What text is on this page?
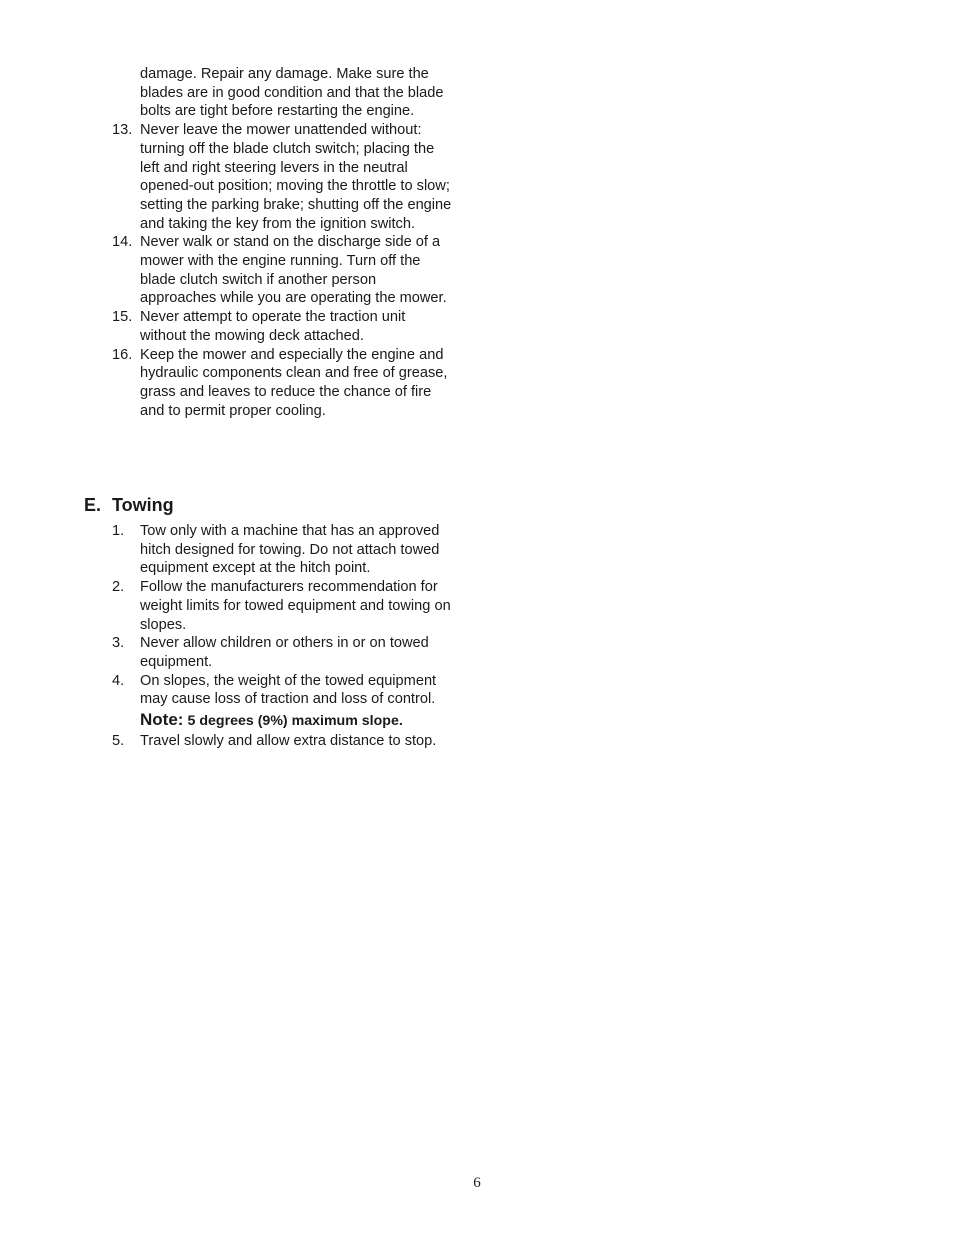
damage. Repair any damage. Make sure the blades are in good condition and that the blade bolts are tight before restarting the engine.
13. Never leave the mower unattended without: turning off the blade clutch switch; placing the left and right steering levers in the neutral opened-out position; moving the throttle to slow; setting the parking brake; shutting off the engine and taking the key from the ignition switch.
14. Never walk or stand on the discharge side of a mower with the engine running. Turn off the blade clutch switch if another person approaches while you are operating the mower.
15. Never attempt to operate the traction unit without the mowing deck attached.
16. Keep the mower and especially the engine and hydraulic components clean and free of grease, grass and leaves to reduce the chance of fire and to permit proper cooling.
E. Towing
1.	Tow only with a machine that has an approved hitch designed for towing. Do not attach towed equipment except at the hitch point.
2.	Follow the manufacturers recommendation for weight limits for towed equipment and towing on slopes.
3.	Never allow children or others in or on towed equipment.
4.	On slopes, the weight of the towed equipment may cause loss of traction and loss of control.
Note: 5 degrees (9%) maximum slope.
5.	Travel slowly and allow extra distance to stop.
6
